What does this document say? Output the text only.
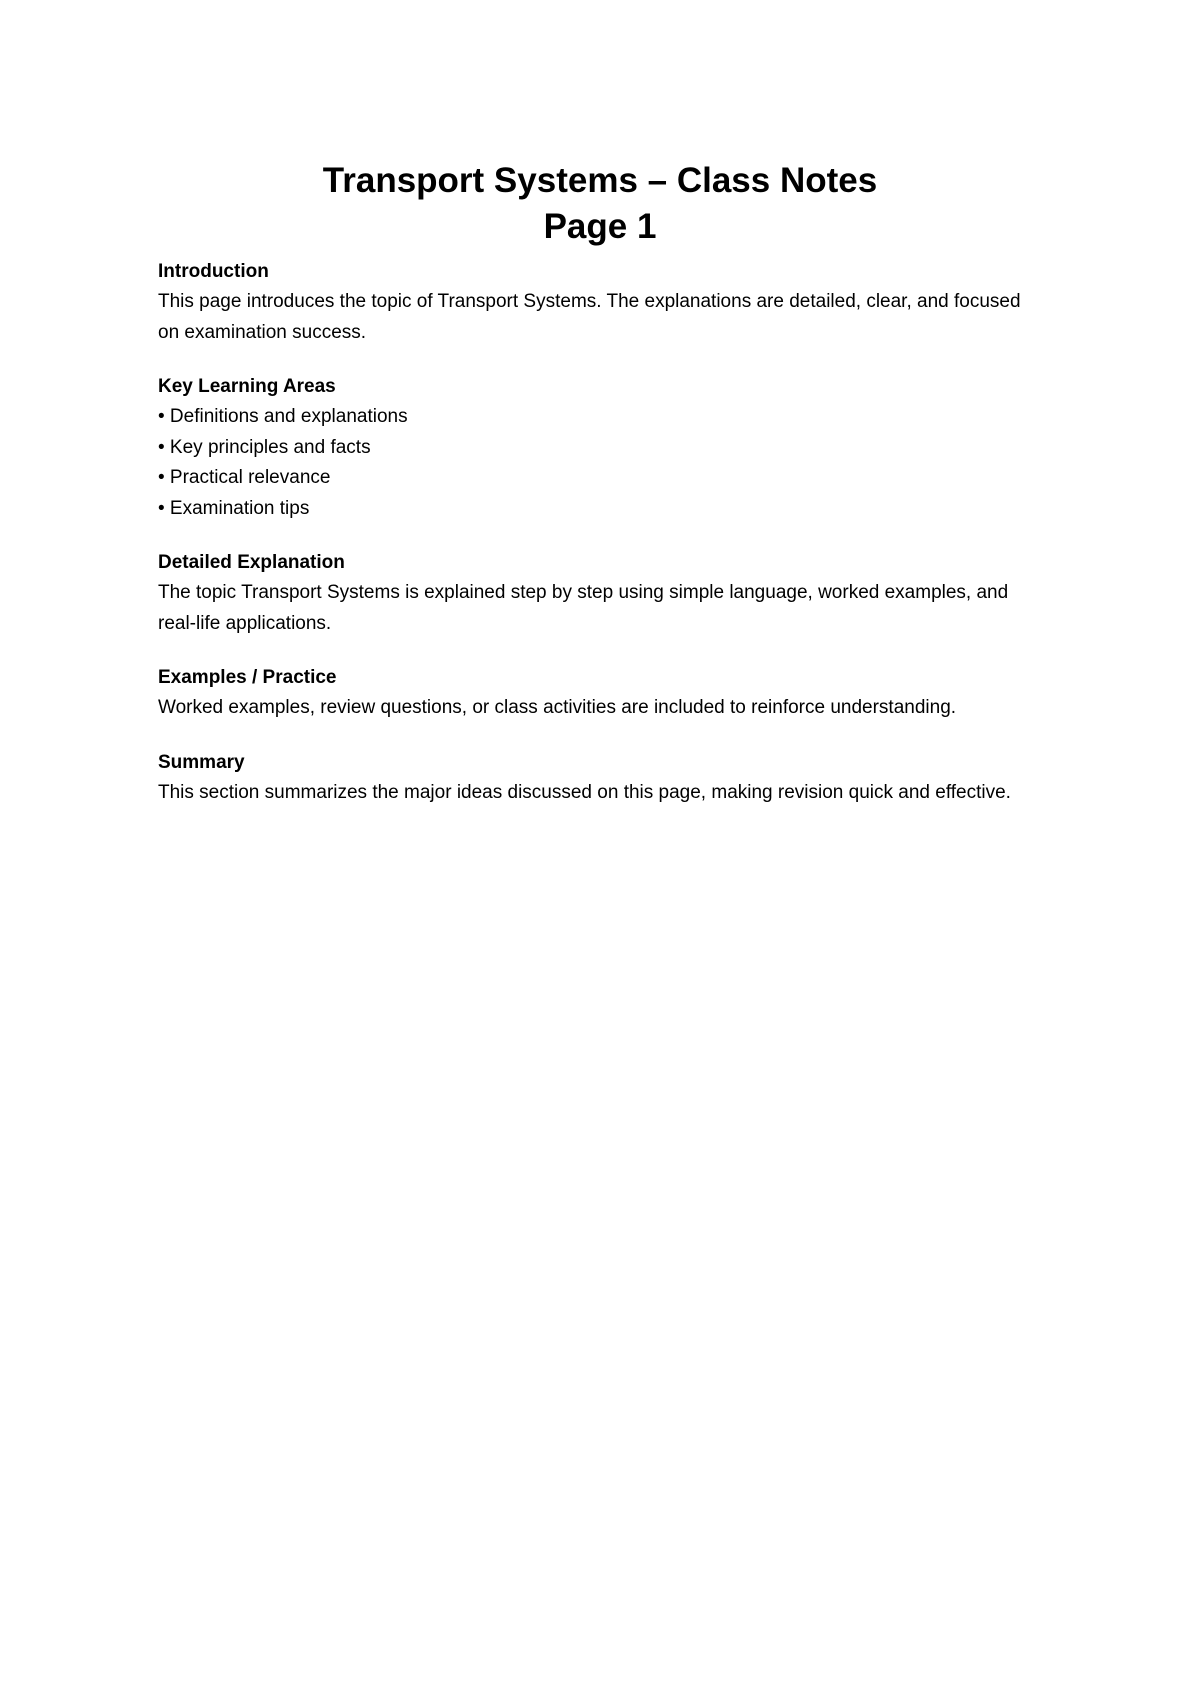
Transport Systems – Class Notes
Page 1

Introduction

This page introduces the topic of Transport Systems. The explanations are detailed, clear, and focused on examination success.

Key Learning Areas

• Definitions and explanations
• Key principles and facts
• Practical relevance
• Examination tips

Detailed Explanation

The topic Transport Systems is explained step by step using simple language, worked examples, and real-life applications.

Examples / Practice

Worked examples, review questions, or class activities are included to reinforce understanding.

Summary

This section summarizes the major ideas discussed on this page, making revision quick and effective.
